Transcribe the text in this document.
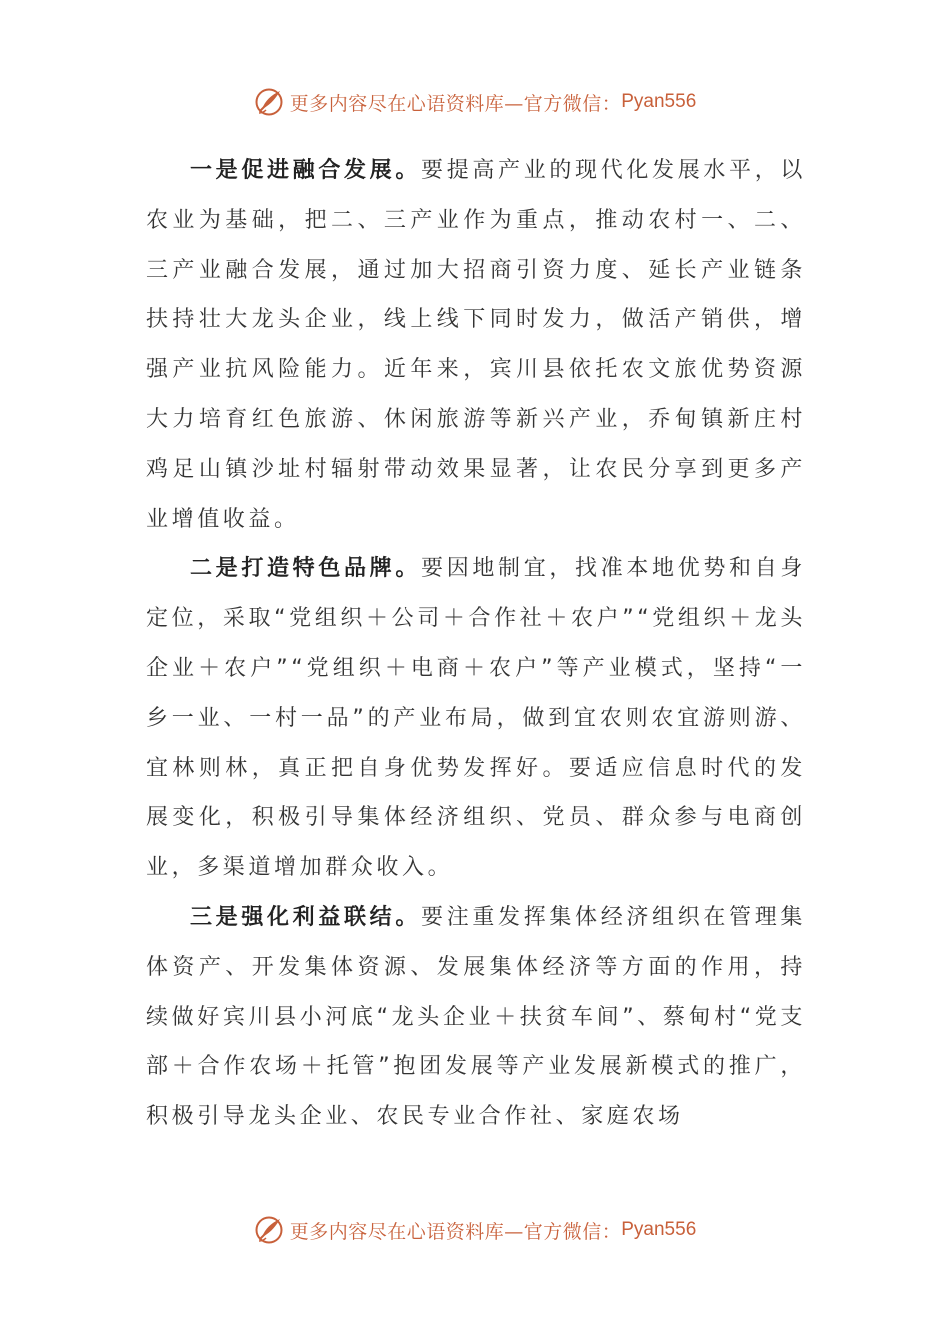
更多内容尽在心语资料库—官方微信： Pyan556

一是促进融合发展。要提高产业的现代化发展水平，以农业为基础，把二、三产业作为重点，推动农村一、二、三产业融合发展，通过加大招商引资力度、延长产业链条扶持壮大龙头企业，线上线下同时发力，做活产销供，增强产业抗风险能力。近年来，宾川县依托农文旅优势资源大力培育红色旅游、休闲旅游等新兴产业，乔甸镇新庄村鸡足山镇沙址村辐射带动效果显著，让农民分享到更多产业增值收益。

二是打造特色品牌。要因地制宜，找准本地优势和自身定位，采取“党组织＋公司＋合作社＋农户”“党组织＋龙头企业＋农户”“党组织＋电商＋农户”等产业模式，坚持“一乡一业、一村一品”的产业布局，做到宜农则农宜游则游、宜林则林，真正把自身优势发挥好。要适应信息时代的发展变化，积极引导集体经济组织、党员、群众参与电商创业，多渠道增加群众收入。

三是强化利益联结。要注重发挥集体经济组织在管理集体资产、开发集体资源、发展集体经济等方面的作用，持续做好宾川县小河底“龙头企业＋扶贫车间”、蔡甸村“党支部＋合作农场＋托管”抱团发展等产业发展新模式的推广，积极引导龙头企业、农民专业合作社、家庭农场

更多内容尽在心语资料库—官方微信： Pyan556
